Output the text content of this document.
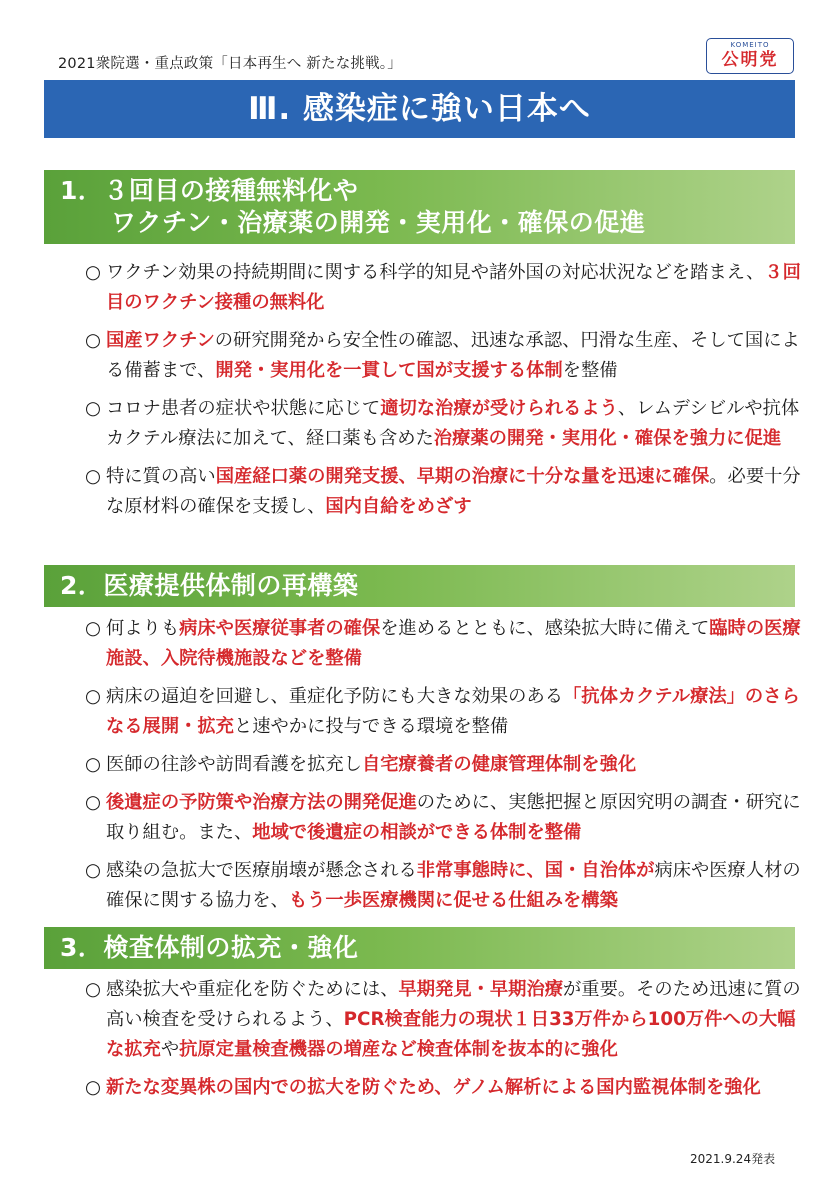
2021衆院選・重点政策「日本再生へ 新たな挑戦。」
KOMEITO
公明党
Ⅲ. 感染症に強い日本へ
1．３回目の接種無料化や
　　ワクチン・治療薬の開発・実用化・確保の促進
○ ワクチン効果の持続期間に関する科学的知見や諸外国の対応状況などを踏まえ、３回目のワクチン接種の無料化
○ 国産ワクチンの研究開発から安全性の確認、迅速な承認、円滑な生産、そして国による備蓄まで、開発・実用化を一貫して国が支援する体制を整備
○ コロナ患者の症状や状態に応じて適切な治療が受けられるよう、レムデシビルや抗体カクテル療法に加えて、経口薬も含めた治療薬の開発・実用化・確保を強力に促進
○ 特に質の高い国産経口薬の開発支援、早期の治療に十分な量を迅速に確保。必要十分な原材料の確保を支援し、国内自給をめざす
2．医療提供体制の再構築
○ 何よりも病床や医療従事者の確保を進めるとともに、感染拡大時に備えて臨時の医療施設、入院待機施設などを整備
○ 病床の逼迫を回避し、重症化予防にも大きな効果のある「抗体カクテル療法」のさらなる展開・拡充と速やかに投与できる環境を整備
○ 医師の往診や訪問看護を拡充し自宅療養者の健康管理体制を強化
○ 後遺症の予防策や治療方法の開発促進のために、実態把握と原因究明の調査・研究に取り組む。また、地域で後遺症の相談ができる体制を整備
○ 感染の急拡大で医療崩壊が懸念される非常事態時に、国・自治体が病床や医療人材の確保に関する協力を、もう一歩医療機関に促せる仕組みを構築
3．検査体制の拡充・強化
○ 感染拡大や重症化を防ぐためには、早期発見・早期治療が重要。そのため迅速に質の高い検査を受けられるよう、PCR検査能力の現状１日33万件から100万件への大幅な拡充や抗原定量検査機器の増産など検査体制を抜本的に強化
○ 新たな変異株の国内での拡大を防ぐため、ゲノム解析による国内監視体制を強化
2021.9.24発表
